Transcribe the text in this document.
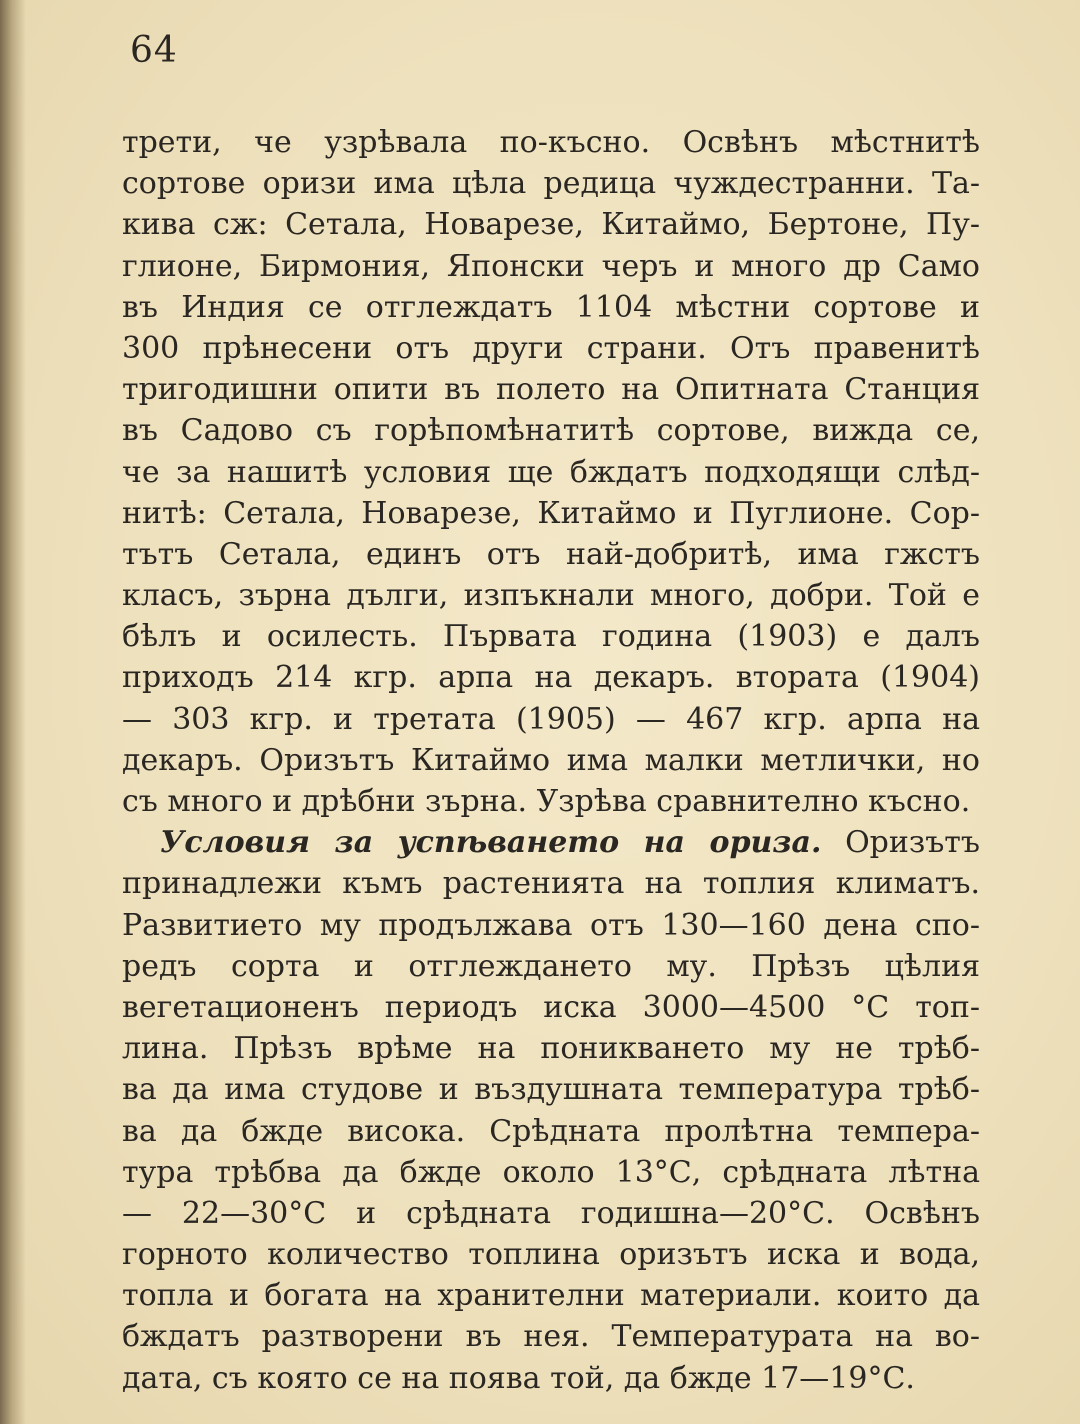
64
трети, че узрѣвала по-късно. Освѣнъ мѣстнитѣ
сортове оризи има цѣла редица чуждестранни. Та-
кива сж: Сетала, Новарезе, Китаймо, Бертоне, Пу-
глионе, Бирмония, Японски черъ и много др Само
въ Индия се отглеждатъ 1104 мѣстни сортове и
300 прѣнесени отъ други страни. Отъ правенитѣ
тригодишни опити въ полето на Опитната Станция
въ Садово съ горѣпомѣнатитѣ сортове, вижда се,
че за нашитѣ условия ще бждатъ подходящи слѣд-
нитѣ: Сетала, Новарезе, Китаймо и Пуглионе. Сор-
тътъ Сетала, единъ отъ най-добритѣ, има гжстъ
класъ, зърна дълги, изпъкнали много, добри. Той е
бѣлъ и осилесть. Първата година (1903) е далъ
приходъ 214 кгр. арпа на декаръ. втората (1904)
— 303 кгр. и третата (1905) — 467 кгр. арпа на
декаръ. Оризътъ Китаймо има малки метлички, но
съ много и дрѣбни зърна. Узрѣва сравнително късно.
Условия за успѣването на ориза. Оризътъ
принадлежи къмъ растенията на топлия климатъ.
Развитието му продължава отъ 130—160 дена спо-
редъ сорта и отглеждането му. Прѣзъ цѣлия
вегетационенъ периодъ иска 3000—4500 °С топ-
лина. Прѣзъ врѣме на поникването му не трѣб-
ва да има студове и въздушната температура трѣб-
ва да бжде висока. Срѣдната пролѣтна темпера-
тура трѣбва да бжде около 13°С, срѣдната лѣтна
— 22—30°С и срѣдната годишна—20°С. Освѣнъ
горното количество топлина оризътъ иска и вода,
топла и богата на хранителни материали. които да
бждатъ разтворени въ нея. Температурата на во-
дата, съ която се на поява той, да бжде 17—19°С.
